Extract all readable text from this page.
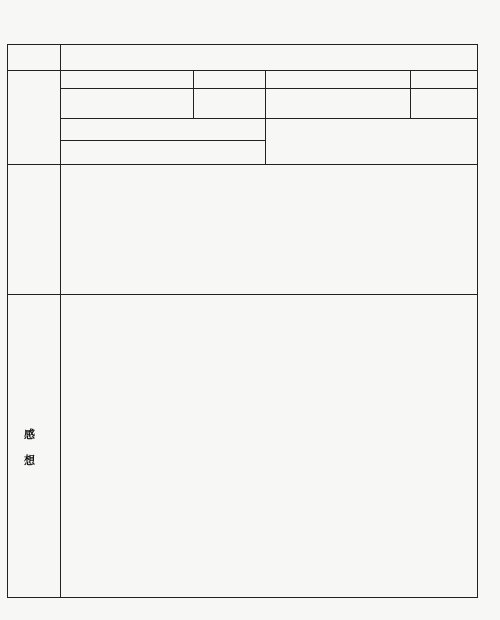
感
想
